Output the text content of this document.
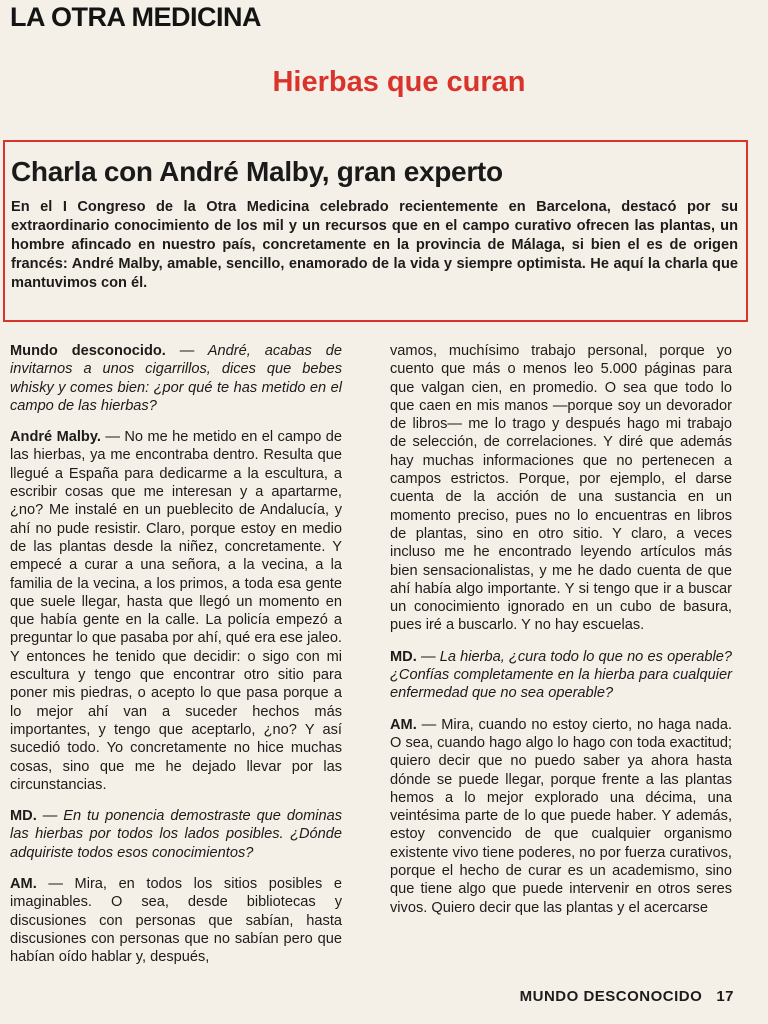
LA OTRA MEDICINA
Hierbas que curan
Charla con André Malby, gran experto

En el I Congreso de la Otra Medicina celebrado recientemente en Barcelona, destacó por su extraordinario conocimiento de los mil y un recursos que en el campo curativo ofrecen las plantas, un hombre afincado en nuestro país, concretamente en la provincia de Málaga, si bien el es de origen francés: André Malby, amable, sencillo, enamorado de la vida y siempre optimista. He aquí la charla que mantuvimos con él.

Mundo desconocido. — André, acabas de invitarnos a unos cigarrillos, dices que bebes whisky y comes bien: ¿por qué te has metido en el campo de las hierbas?

André Malby. — No me he metido en el campo de las hierbas, ya me encontraba dentro. Resulta que llegué a España para dedicarme a la escultura, a escribir cosas que me interesan y a apartarme, ¿no? Me instalé en un pueblecito de Andalucía, y ahí no pude resistir. Claro, porque estoy en medio de las plantas desde la niñez, concretamente. Y empecé a curar a una señora, a la vecina, a la familia de la vecina, a los primos, a toda esa gente que suele llegar, hasta que llegó un momento en que había gente en la calle. La policía empezó a preguntar lo que pasaba por ahí, qué era ese jaleo. Y entonces he tenido que decidir: o sigo con mi escultura y tengo que encontrar otro sitio para poner mis piedras, o acepto lo que pasa porque a lo mejor ahí van a suceder hechos más importantes, y tengo que aceptarlo, ¿no? Y así sucedió todo. Yo concretamente no hice muchas cosas, sino que me he dejado llevar por las circunstancias.

MD. — En tu ponencia demostraste que dominas las hierbas por todos los lados posibles. ¿Dónde adquiriste todos esos conocimientos?

AM. — Mira, en todos los sitios posibles e imaginables. O sea, desde bibliotecas y discusiones con personas que sabían, hasta discusiones con personas que no sabían pero que habían oído hablar y, después,

vamos, muchísimo trabajo personal, porque yo cuento que más o menos leo 5.000 páginas para que valgan cien, en promedio. O sea que todo lo que caen en mis manos —porque soy un devorador de libros— me lo trago y después hago mi trabajo de selección, de correlaciones. Y diré que además hay muchas informaciones que no pertenecen a campos estrictos. Porque, por ejemplo, el darse cuenta de la acción de una sustancia en un momento preciso, pues no lo encuentras en libros de plantas, sino en otro sitio. Y claro, a veces incluso me he encontrado leyendo artículos más bien sensacionalistas, y me he dado cuenta de que ahí había algo importante. Y si tengo que ir a buscar un conocimiento ignorado en un cubo de basura, pues iré a buscarlo. Y no hay escuelas.

MD. — La hierba, ¿cura todo lo que no es operable? ¿Confías completamente en la hierba para cualquier enfermedad que no sea operable?

AM. — Mira, cuando no estoy cierto, no haga nada. O sea, cuando hago algo lo hago con toda exactitud; quiero decir que no puedo saber ya ahora hasta dónde se puede llegar, porque frente a las plantas hemos a lo mejor explorado una décima, una veintésima parte de lo que puede haber. Y además, estoy convencido de que cualquier organismo existente vivo tiene poderes, no por fuerza curativos, porque el hecho de curar es un academismo, sino que tiene algo que puede intervenir en otros seres vivos. Quiero decir que las plantas y el acercarse

MUNDO DESCONOCIDO 17
